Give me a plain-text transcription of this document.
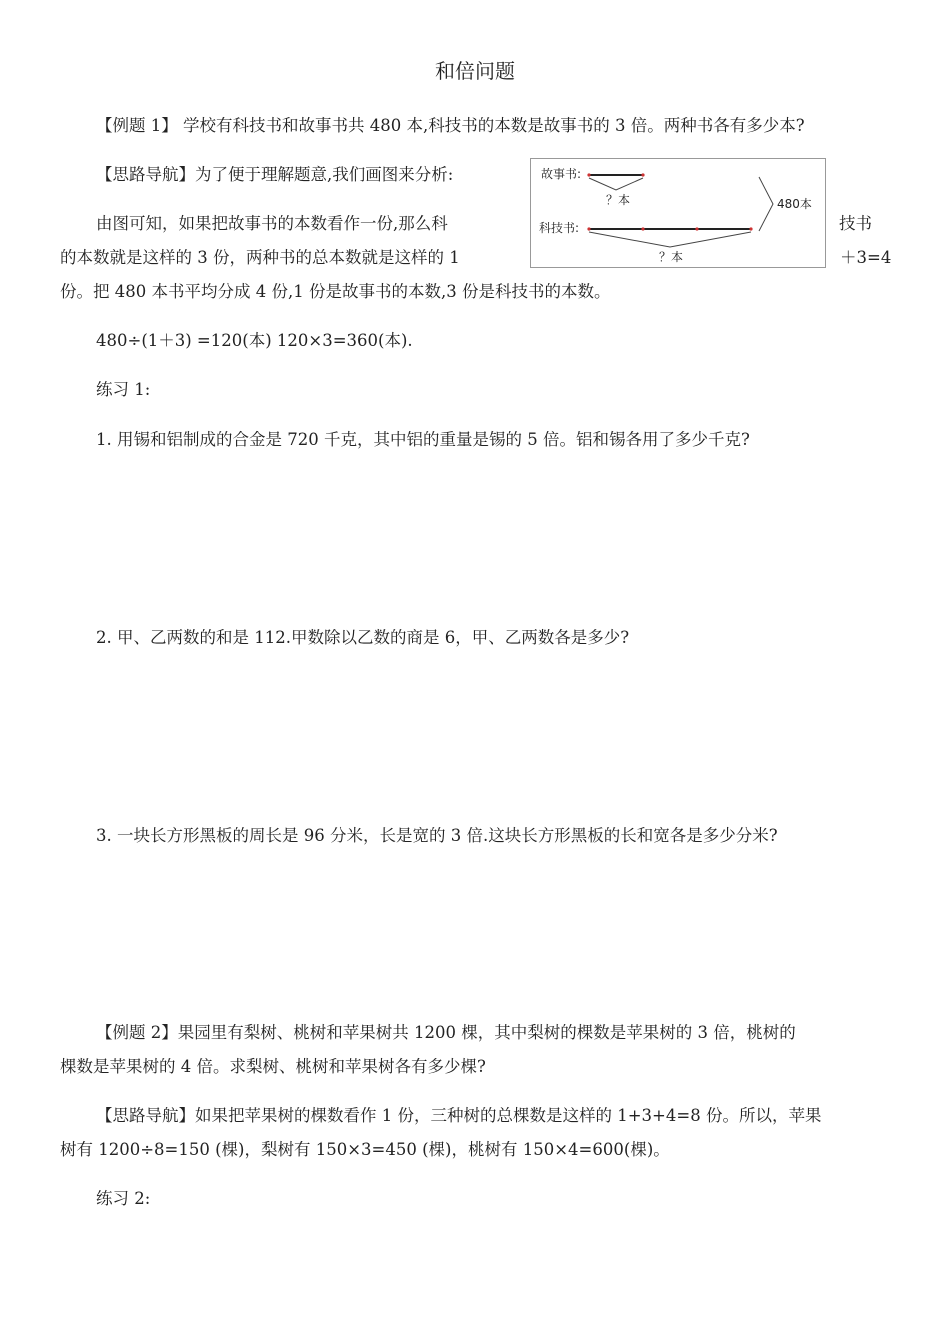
和倍问题
【例题 1】 学校有科技书和故事书共 480 本,科技书的本数是故事书的 3 倍。两种书各有多少本?
【思路导航】为了便于理解题意,我们画图来分析:	故事书:
？本
科技书:
？本
480本
由图可知，如果把故事书的本数看作一份,那么科	技书
的本数就是这样的 3 份，两种书的总本数就是这样的 1	＋3=4
份。把 480 本书平均分成 4 份,1 份是故事书的本数,3 份是科技书的本数。
480÷(1＋3) =120(本) 120×3=360(本).
练习 1:
1. 用锡和铝制成的合金是 720 千克，其中铝的重量是锡的 5 倍。铝和锡各用了多少千克?
2. 甲、乙两数的和是 112.甲数除以乙数的商是 6，甲、乙两数各是多少?
3. 一块长方形黑板的周长是 96 分米，长是宽的 3 倍.这块长方形黑板的长和宽各是多少分米?
【例题 2】果园里有梨树、桃树和苹果树共 1200 棵，其中梨树的棵数是苹果树的 3 倍，桃树的
棵数是苹果树的 4 倍。求梨树、桃树和苹果树各有多少棵?
【思路导航】如果把苹果树的棵数看作 1 份，三种树的总棵数是这样的 1+3+4=8 份。所以，苹果
树有 1200÷8=150 (棵)，梨树有 150×3=450 (棵)，桃树有 150×4=600(棵)。
练习 2:
